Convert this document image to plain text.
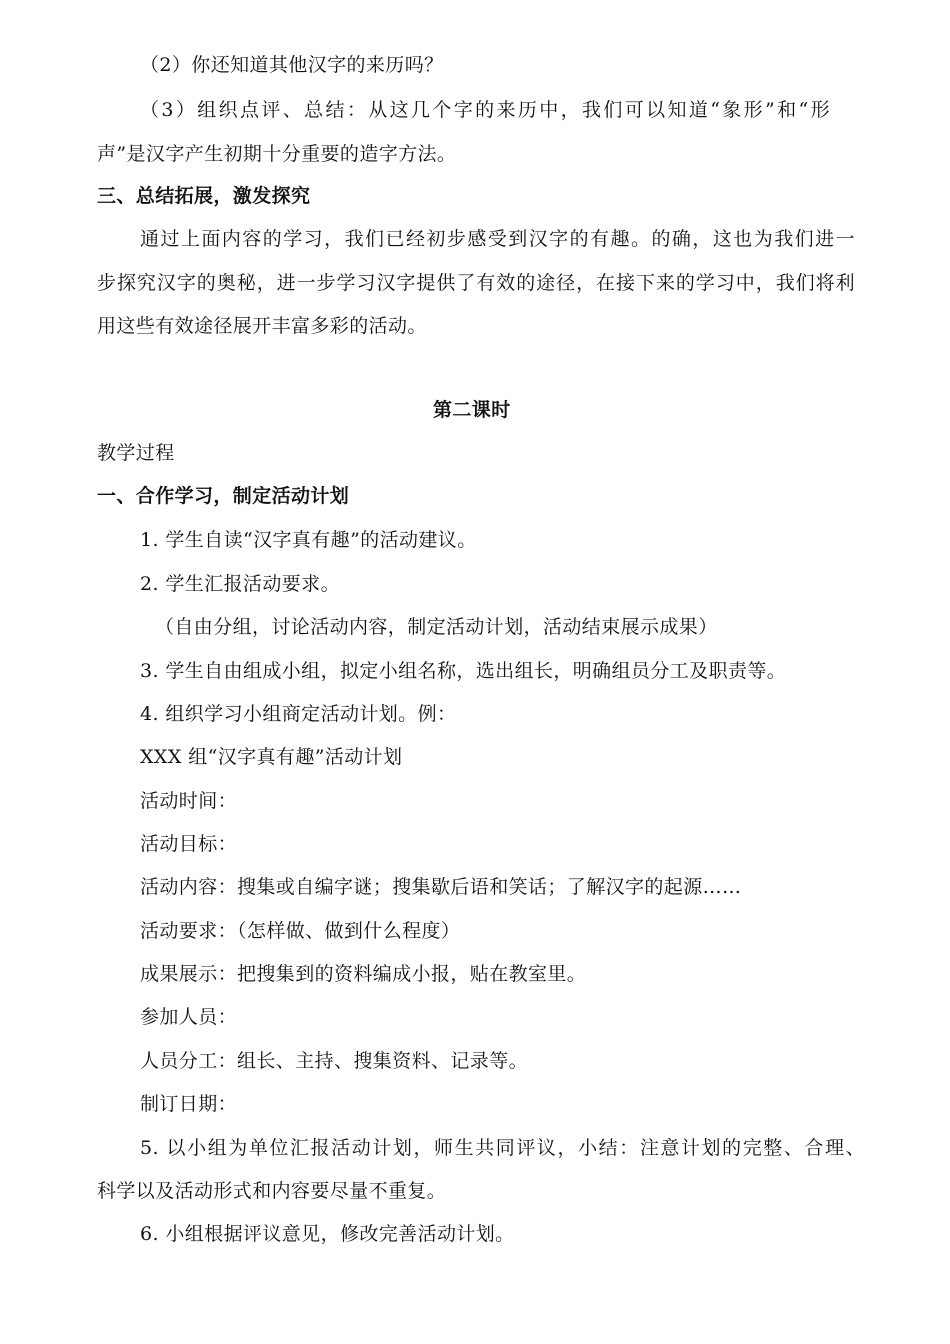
（2）你还知道其他汉字的来历吗？
（3）组织点评、总结：从这几个字的来历中，我们可以知道“象形”和“形
声”是汉字产生初期十分重要的造字方法。
三、总结拓展，激发探究
通过上面内容的学习，我们已经初步感受到汉字的有趣。的确，这也为我们进一
步探究汉字的奥秘，进一步学习汉字提供了有效的途径，在接下来的学习中，我们将利
用这些有效途径展开丰富多彩的活动。
第二课时
教学过程
一、合作学习，制定活动计划
1. 学生自读“汉字真有趣”的活动建议。
2. 学生汇报活动要求。
（自由分组，讨论活动内容，制定活动计划，活动结束展示成果）
3. 学生自由组成小组，拟定小组名称，选出组长，明确组员分工及职责等。
4. 组织学习小组商定活动计划。例：
XXX 组“汉字真有趣”活动计划
活动时间：
活动目标：
活动内容：搜集或自编字谜；搜集歇后语和笑话；了解汉字的起源……
活动要求：（怎样做、做到什么程度）
成果展示：把搜集到的资料编成小报，贴在教室里。
参加人员：
人员分工：组长、主持、搜集资料、记录等。
制订日期：
5. 以小组为单位汇报活动计划，师生共同评议，小结：注意计划的完整、合理、
科学以及活动形式和内容要尽量不重复。
6. 小组根据评议意见，修改完善活动计划。
